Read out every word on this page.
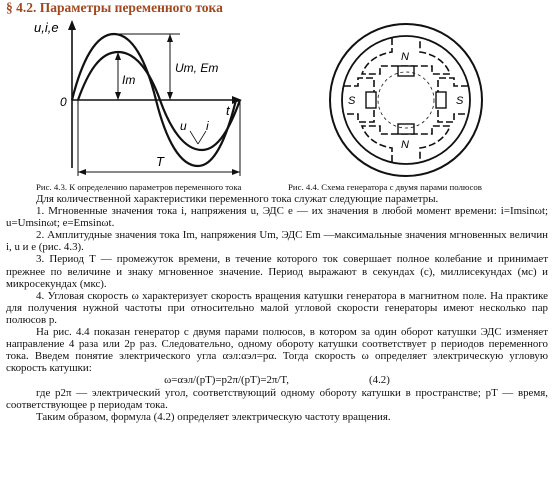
§ 4.2. Параметры переменного тока
u,i,e
t
0
Im
Um, Em
u i
T
N
N
S	S
Рис. 4.3. К определению параметров переменного тока	Рис. 4.4. Схема генератора с двумя парами полюсов

Для количественной характеристики переменного тока служат следующие параметры.

1. Мгновенные значения тока i, напряжения u, ЭДС e — их значения в любой момент времени: i=Imsinωt; u=Umsinωt; e=Emsinωt.

2. Амплитудные значения тока Im, напряжения Um, ЭДС Em —максимальные значения мгновенных величин i, u и e (рис. 4.3).

3. Период T — промежуток времени, в течение которого ток совершает полное колебание и принимает прежнее по величине и знаку мгновенное значение. Период выражают в секундах (с), миллисекундах (мс) и микросекундах (мкс).

4. Угловая скорость ω характеризует скорость вращения катушки генератора в магнитном поле. На практике для получения нужной частоты при относительно малой угловой скорости генераторы имеют несколько пар полюсов p.

На рис. 4.4 показан генератор с двумя парами полюсов, в котором за один оборот катушки ЭДС изменяет направление 4 раза или 2p раз. Следовательно, одному обороту катушки соответствует p периодов переменного тока. Введем понятие электрического угла αэл:αэл=pα. Тогда скорость ω определяет электрическую угловую скорость катушки:

ω=αэл/(pT)=p2π/(pT)=2π/T,	(4.2)

где p2π — электрический угол, соответствующий одному обороту катушки в пространстве; pT — время, соответствующее p периодам тока.

Таким образом, формула (4.2) определяет электрическую частоту вращения.
